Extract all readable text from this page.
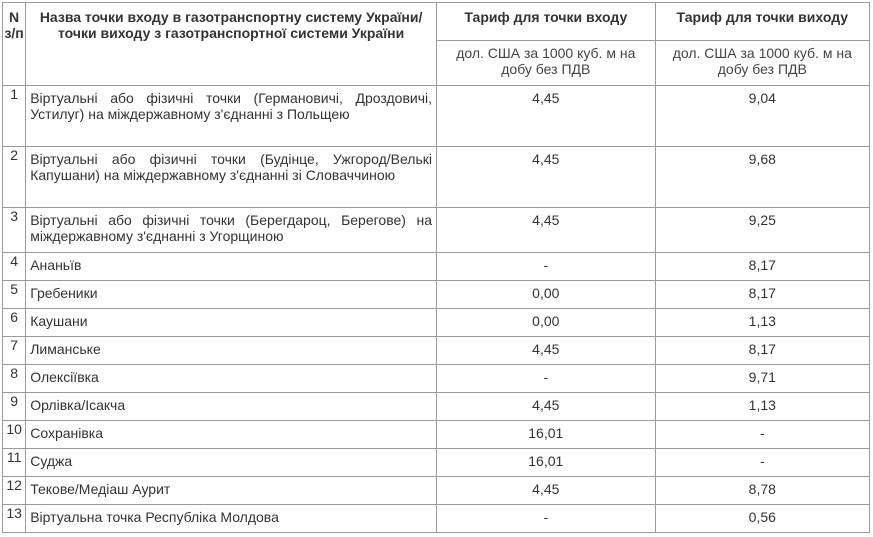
N з/п	Назва точки входу в газотранспортну систему України/точки виходу з газотранспортної системи України	Тариф для точки входу	Тариф для точки виходу
		дол. США за 1000 куб. м на добу без ПДВ	дол. США за 1000 куб. м на добу без ПДВ
1	Віртуальні або фізичні точки (Германовичі, Дроздовичі, Устилуг) на міждержавному з'єднанні з Польщею	4,45	9,04
2	Віртуальні або фізичні точки (Будінце, Ужгород/Велькі Капушани) на міждержавному з'єднанні зі Словаччиною	4,45	9,68
3	Віртуальні або фізичні точки (Берегдароц, Берегове) на міждержавному з'єднанні з Угорщиною	4,45	9,25
4	Ананьїв	-	8,17
5	Гребеники	0,00	8,17
6	Каушани	0,00	1,13
7	Лиманське	4,45	8,17
8	Олексіївка	-	9,71
9	Орлівка/Ісакча	4,45	1,13
10	Сохранівка	16,01	-
11	Суджа	16,01	-
12	Текове/Медіаш Аурит	4,45	8,78
13	Віртуальна точка Республіка Молдова	-	0,56
